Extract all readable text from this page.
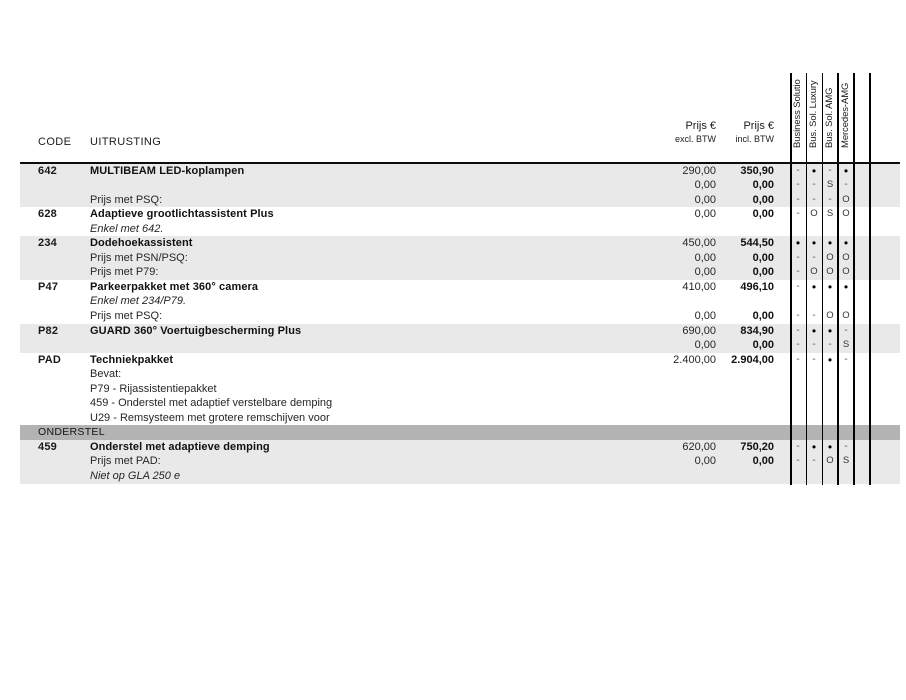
CODE UITRUSTING
Prijs €
excl. BTW
Prijs €
incl. BTW Business Solutio Bus. Sol. Luxury Bus. Sol. AMG Mercedes-AMG
642	MULTIBEAM LED-koplampen	290,00 350,90	-	●	-	●
0,00	0,00	-	-	S	-
Prijs met PSQ:	0,00	0,00	-	-	-	O
628	Adaptieve grootlichtassistent Plus	0,00	0,00	-	O S O
Enkel met 642.
234	Dodehoekassistent	450,00 544,50	●	●	●	●
Prijs met PSN/PSQ:	0,00	0,00	-	-	O O
Prijs met P79:	0,00	0,00	-	O O O
P47	Parkeerpakket met 360° camera	410,00 496,10	-	●	●	●
Enkel met 234/P79.
Prijs met PSQ:	0,00	0,00	-	-	O O
P82	GUARD 360° Voertuigbescherming Plus	690,00 834,90	-	●	●	-
0,00	0,00	-	-	-	S
PAD	Techniekpakket	2.400,00 2.904,00	-	-	●	-
Bevat:
P79 - Rijassistentiepakket
459 - Onderstel met adaptief verstelbare demping
U29 - Remsysteem met grotere remschijven voor
ONDERSTEL
459	Onderstel met adaptieve demping	620,00 750,20	-	●	●	-
Prijs met PAD:	0,00	0,00	-	-	O S
Niet op GLA 250 e
